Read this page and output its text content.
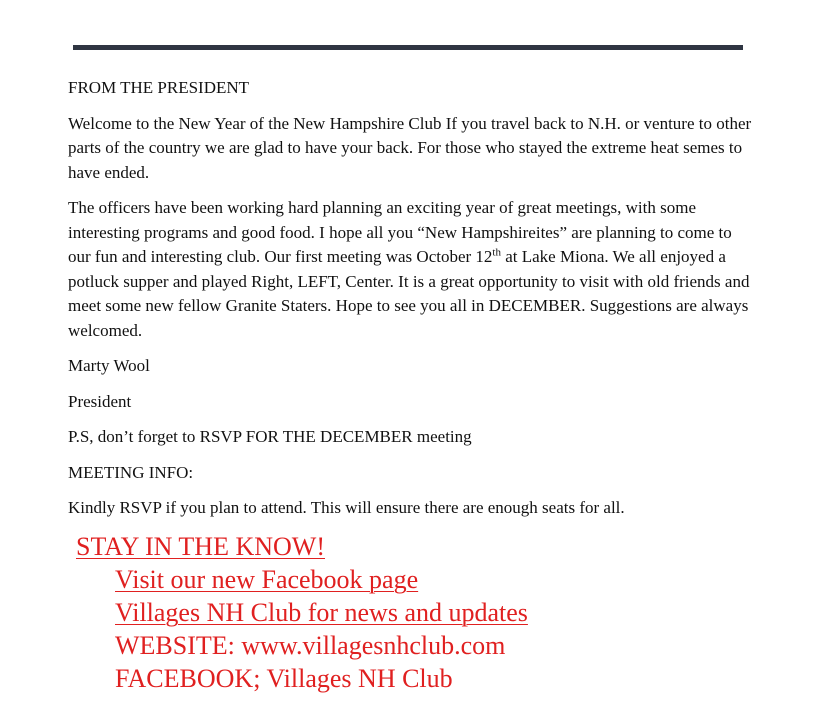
FROM THE PRESIDENT

Welcome to the New Year of the New Hampshire Club If you travel back to N.H. or venture to other parts of the country we are glad to have your back. For those who stayed the extreme heat semes to have ended.

The officers have been working hard planning an exciting year of great meetings, with some interesting programs and good food. I hope all you “New Hampshireites” are planning to come to our fun and interesting club. Our first meeting was October 12th at Lake Miona. We all enjoyed a potluck supper and played Right, LEFT, Center. It is a great opportunity to visit with old friends and meet some new fellow Granite Staters. Hope to see you all in DECEMBER. Suggestions are always welcomed.

Marty Wool

President

P.S, don’t forget to RSVP FOR THE DECEMBER meeting

MEETING INFO:

Kindly RSVP if you plan to attend. This will ensure there are enough seats for all.

STAY IN THE KNOW!
Visit our new Facebook page
Villages NH Club for news and updates
WEBSITE: www.villagesnhclub.com
FACEBOOK; Villages NH Club
